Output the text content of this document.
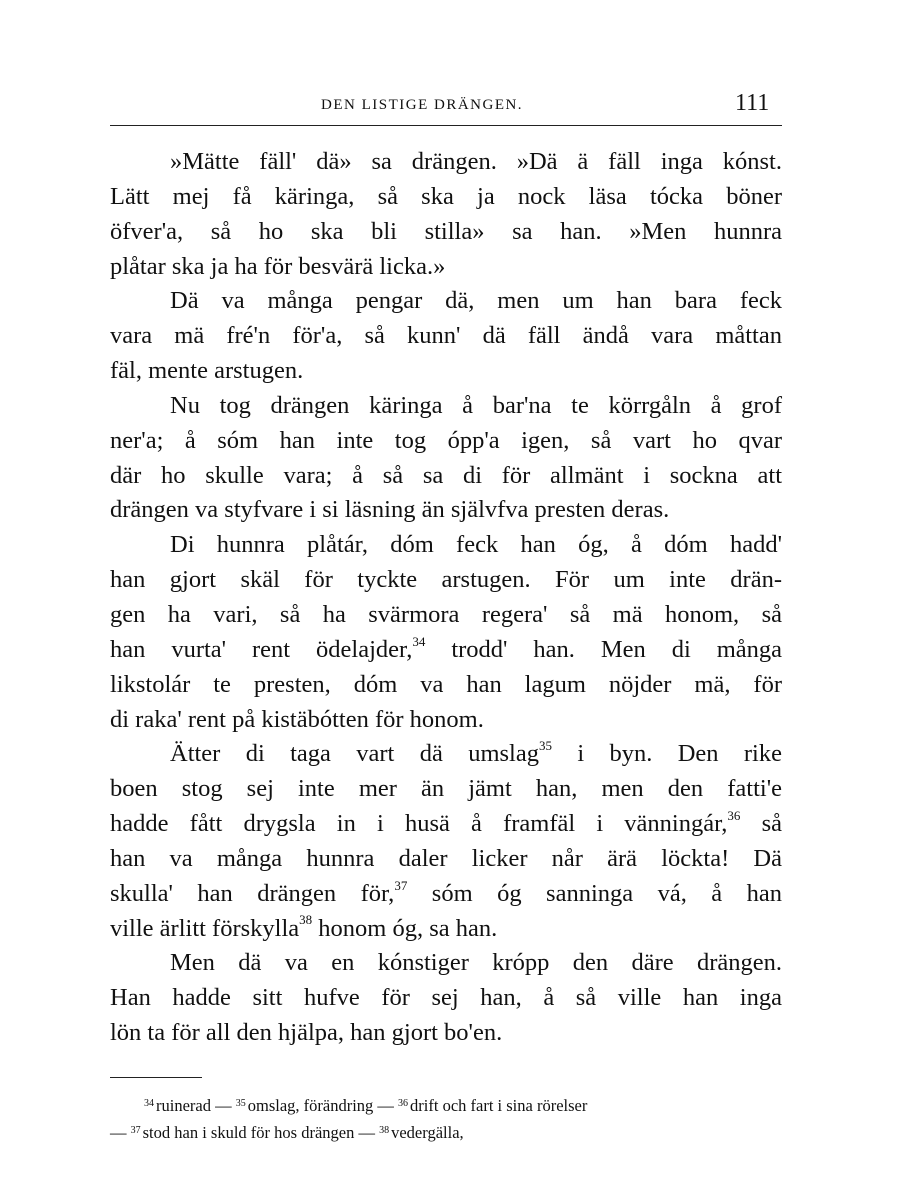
DEN LISTIGE DRÄNGEN.	111
»Mätte fäll' dä» sa drängen. »Dä ä fäll inga kónst.
Lätt mej få käringa, så ska ja nock läsa tócka böner
öfver'a, så ho ska bli stilla» sa han. »Men hunnra
plåtar ska ja ha för besvärä licka.»
Dä va många pengar dä, men um han bara feck
vara mä fré'n för'a, så kunn' dä fäll ändå vara måttan
fäl, mente arstugen.
Nu tog drängen käringa å bar'na te körrgåln å grof
ner'a; å sóm han inte tog ópp'a igen, så vart ho qvar
där ho skulle vara; å så sa di för allmänt i sockna att
drängen va styfvare i si läsning än självfva presten deras.
Di hunnra plåtár, dóm feck han óg, å dóm hadd'
han gjort skäl för tyckte arstugen. För um inte drän-
gen ha vari, så ha svärmora regera' så mä honom, så
han vurta' rent ödelajder,$^{34}$ trodd' han. Men di många
likstolár te presten, dóm va han lagum nöjder mä, för
di raka' rent på kistäbótten för honom.
Ätter di taga vart dä umslag$^{35}$ i byn. Den rike
boen stog sej inte mer än jämt han, men den fatti'e
hadde fått drygsla in i husä å framfäl i vänningár,$^{36}$ så
han va många hunnra daler licker når ärä löckta! Dä
skulla' han drängen för,$^{37}$ sóm óg sanninga vá, å han
ville ärlitt förskylla$^{38}$ honom óg, sa han.
Men dä va en kónstiger krópp den däre drängen.
Han hadde sitt hufve för sej han, å så ville han inga
lön ta för all den hjälpa, han gjort bo'en.
$^{34}$ ruinerad — $^{35}$ omslag, förändring — $^{36}$ drift och fart i sina rörelser
— $^{37}$ stod han i skuld för hos drängen — $^{38}$ vedergälla,
